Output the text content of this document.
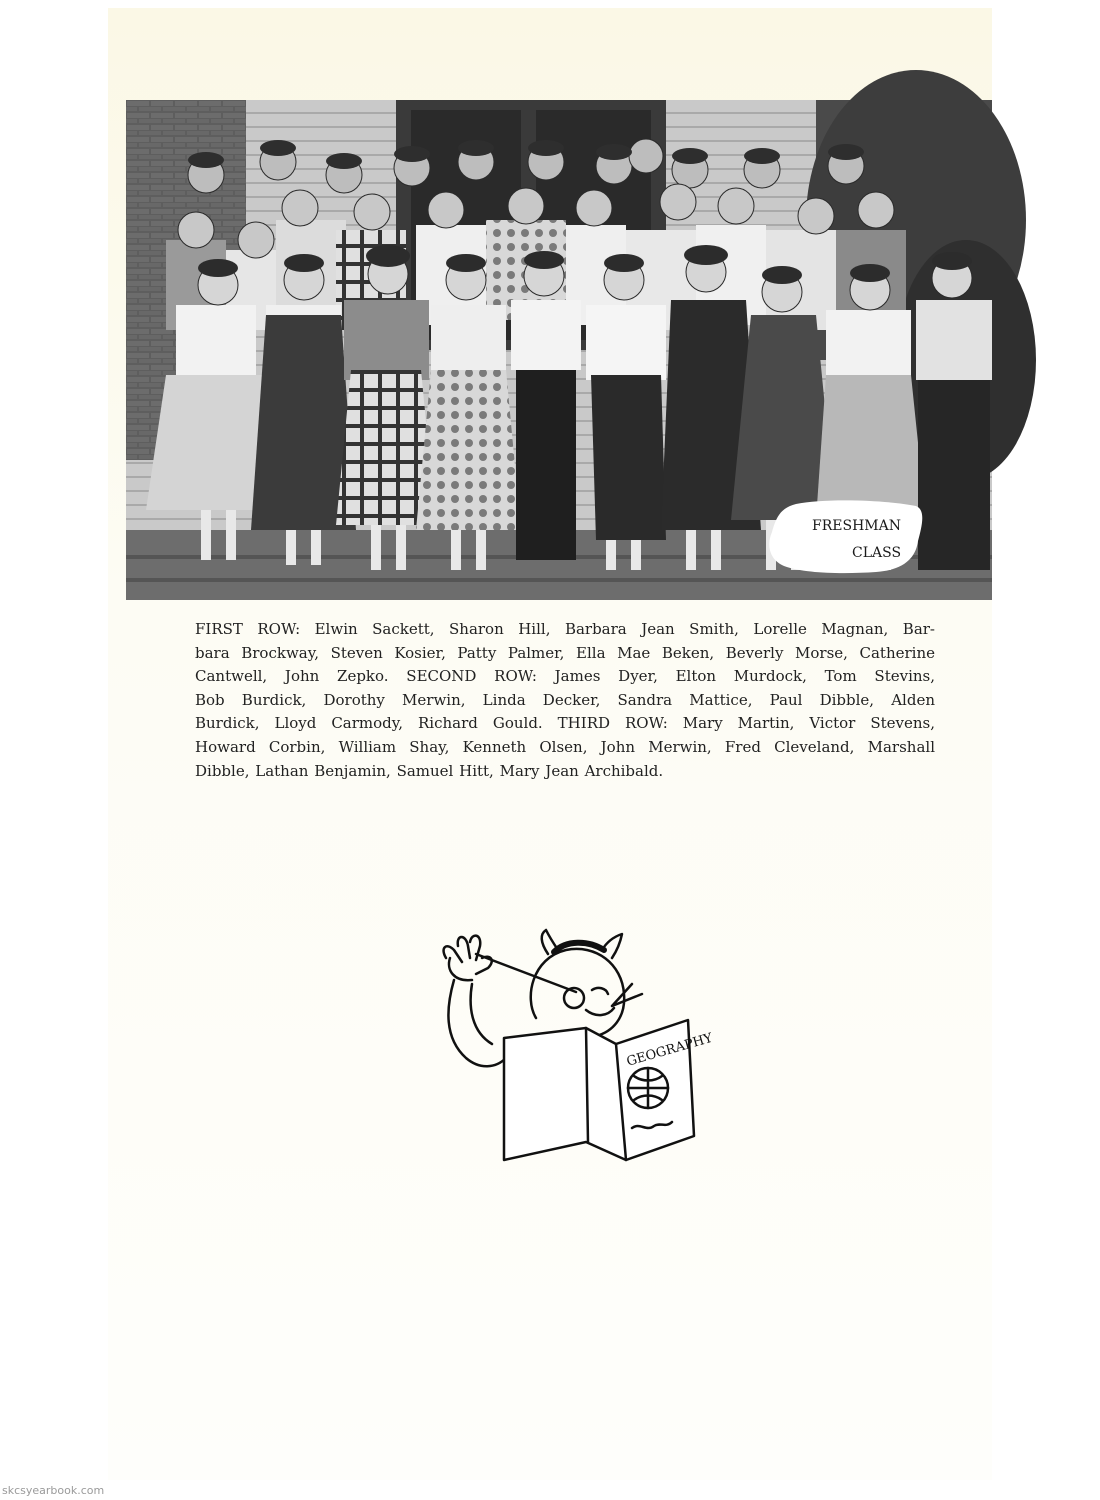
FRESHMAN
CLASS
FIRST ROW: Elwin Sackett, Sharon Hill, Barbara Jean Smith, Lorelle Magnan, Bar-
bara Brockway, Steven Kosier, Patty Palmer, Ella Mae Beken, Beverly Morse, Catherine
Cantwell, John Zepko. SECOND ROW: James Dyer, Elton Murdock, Tom Stevins,
Bob Burdick, Dorothy Merwin, Linda Decker, Sandra Mattice, Paul Dibble, Alden
Burdick, Lloyd Carmody, Richard Gould. THIRD ROW: Mary Martin, Victor Stevens,
Howard Corbin, William Shay, Kenneth Olsen, John Merwin, Fred Cleveland, Marshall
Dibble, Lathan Benjamin, Samuel Hitt, Mary Jean Archibald.
GEOGRAPHY
skcsyearbook.com
